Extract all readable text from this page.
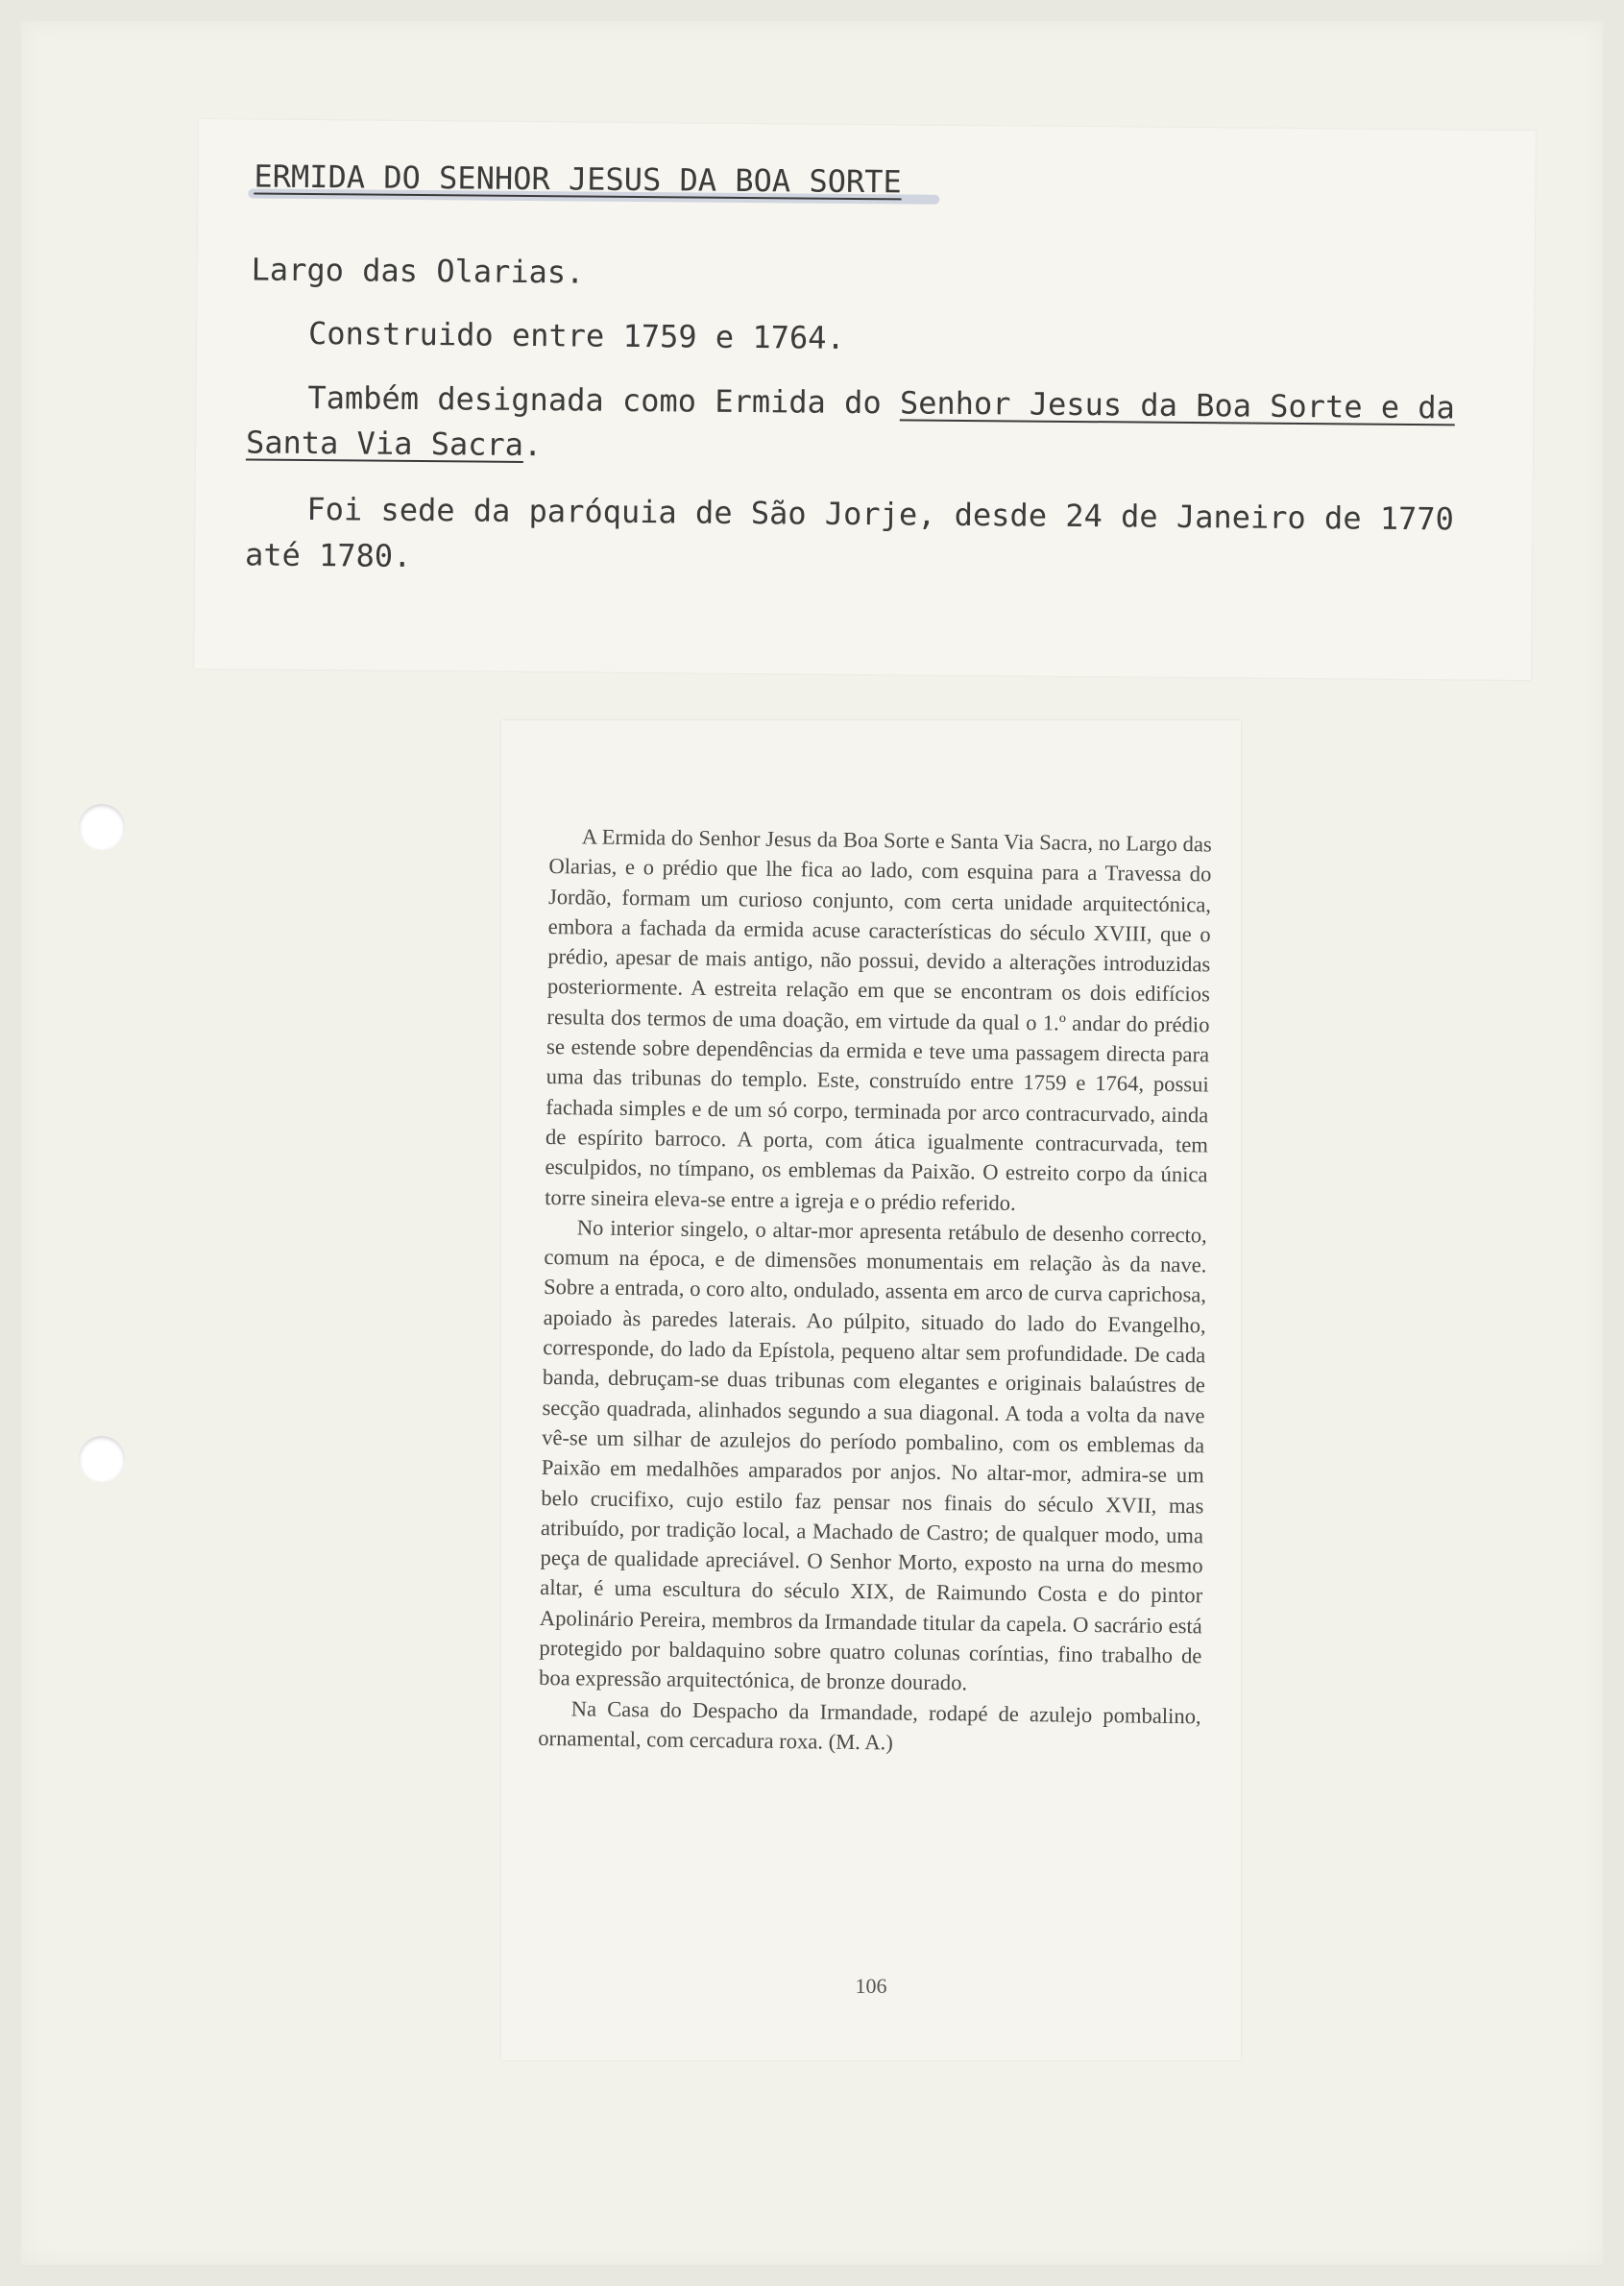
ERMIDA DO SENHOR JESUS DA BOA SORTE

Largo das Olarias.

Construido entre 1759 e 1764.

Também designada como Ermida do Senhor Jesus da Boa Sorte e da

Santa Via Sacra.

Foi sede da paróquia de São Jorje, desde 24 de Janeiro de 1770

até 1780.

A Ermida do Senhor Jesus da Boa Sorte e Santa Via Sacra, no Largo das Olarias, e o prédio que lhe fica ao lado, com esquina para a Travessa do Jordão, formam um curioso conjunto, com certa unidade arquitectónica, embora a fachada da ermida acuse características do século XVIII, que o prédio, apesar de mais antigo, não possui, devido a alterações introduzidas posteriormente. A estreita relação em que se encontram os dois edifícios resulta dos termos de uma doação, em virtude da qual o 1.º andar do prédio se estende sobre dependências da ermida e teve uma passagem directa para uma das tribunas do templo. Este, construído entre 1759 e 1764, possui fachada simples e de um só corpo, terminada por arco contracurvado, ainda de espírito barroco. A porta, com ática igualmente contracurvada, tem esculpidos, no tímpano, os emblemas da Paixão. O estreito corpo da única torre sineira eleva-se entre a igreja e o prédio referido.

No interior singelo, o altar-mor apresenta retábulo de desenho correcto, comum na época, e de dimensões monumentais em relação às da nave. Sobre a entrada, o coro alto, ondulado, assenta em arco de curva caprichosa, apoiado às paredes laterais. Ao púlpito, situado do lado do Evangelho, corresponde, do lado da Epístola, pequeno altar sem profundidade. De cada banda, debruçam-se duas tribunas com elegantes e originais balaústres de secção quadrada, alinhados segundo a sua diagonal. A toda a volta da nave vê-se um silhar de azulejos do período pombalino, com os emblemas da Paixão em medalhões amparados por anjos. No altar-mor, admira-se um belo crucifixo, cujo estilo faz pensar nos finais do século XVII, mas atribuído, por tradição local, a Machado de Castro; de qualquer modo, uma peça de qualidade apreciável. O Senhor Morto, exposto na urna do mesmo altar, é uma escultura do século XIX, de Raimundo Costa e do pintor Apolinário Pereira, membros da Irmandade titular da capela. O sacrário está protegido por baldaquino sobre quatro colunas coríntias, fino trabalho de boa expressão arquitectónica, de bronze dourado.

Na Casa do Despacho da Irmandade, rodapé de azulejo pombalino, ornamental, com cercadura roxa. (M. A.)

106
